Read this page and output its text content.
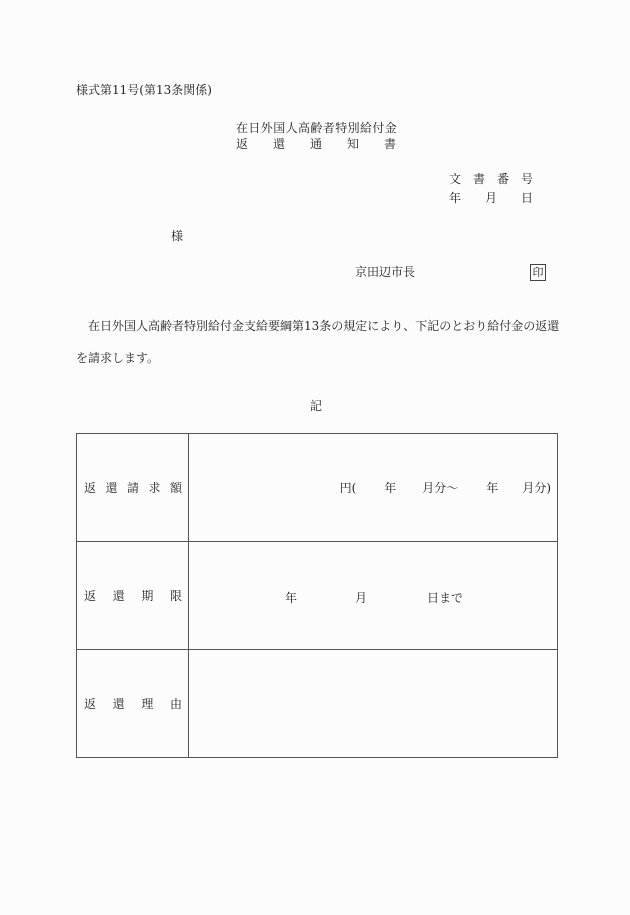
様式第11号(第13条関係)
在日外国人高齢者特別給付金
返 還 通 知 書
文 書 番 号
年 月 日
様
京田辺市長	印
在日外国人高齢者特別給付金支給要綱第13条の規定により、下記のとおり給付金の返還を請求します。
記
返 還 請 求 額	円( 年 月分～ 年 月分)

返 還 期 限	年 月 日まで

返 還 理 由	
